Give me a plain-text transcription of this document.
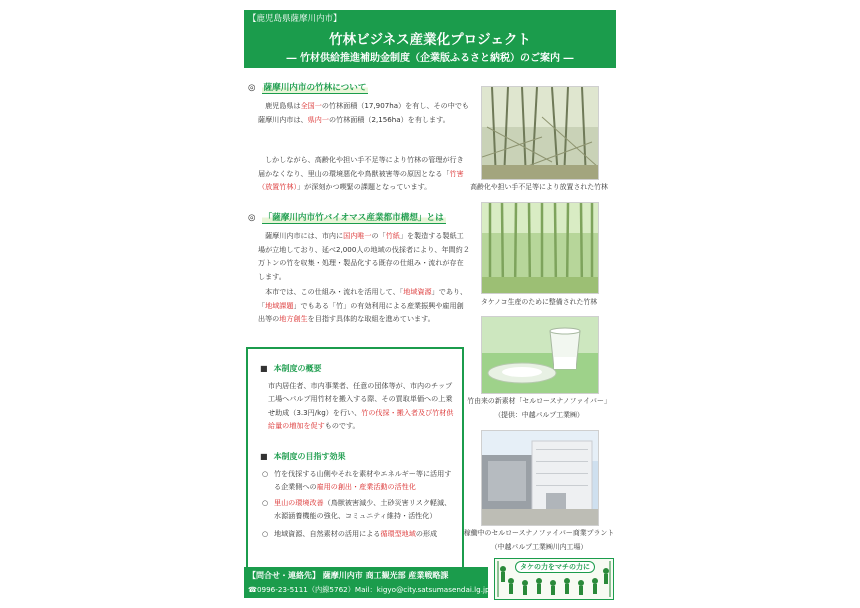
【鹿児島県薩摩川内市】
竹林ビジネス産業化プロジェクト
― 竹材供給推進補助金制度（企業版ふるさと納税）のご案内 ―
◎ 薩摩川内市の竹林について
 鹿児島県は全国一の竹林面積（17,907ha）を有し、その中でも薩摩川内市は、県内一の竹林面積（2,156ha）を有します。
 しかしながら、高齢化や担い手不足等により竹林の管理が行き届かなくなり、里山の環境悪化や鳥獣被害等の原因となる「竹害（放置竹林）」が深刻かつ喫緊の課題となっています。
◎ 「薩摩川内市竹バイオマス産業都市構想」とは
 薩摩川内市には、市内に国内唯一の「竹紙」を製造する製紙工場が立地しており、延べ2,000人の地域の伐採者により、年間約２万トンの竹を収集・処理・製品化する既存の仕組み・流れが存在します。
 本市では、この仕組み・流れを活用して、「地域資源」であり、「地域課題」でもある「竹」の有効利用による産業振興や雇用創出等の地方創生を目指す具体的な取組を進めています。
■ 本制度の概要
市内居住者、市内事業者、任意の団体等が、市内のチップ工場へパルプ用竹材を搬入する際、その買取単価への上乗せ助成（3.3円/kg）を行い、竹の伐採・搬入者及び竹材供給量の増加を促すものです。
■ 本制度の目指す効果
○ 竹を伐採する山側やそれを素材やエネルギー等に活用する企業側への雇用の創出・産業活動の活性化
○ 里山の環境改善（鳥獣被害減少、土砂災害リスク軽減、水源涵養機能の強化、コミュニティ維持・活性化）
○ 地域資源、自然素材の活用による循環型地域の形成
【問合せ・連絡先】 薩摩川内市 商工観光部 産業戦略課
☎0996-23-5111（内線5762）Mail：kigyo@city.satsumasendai.lg.jp
タケの力をマチの力に
高齢化や担い手不足等により放置された竹林
タケノコ生産のために整備された竹林
竹由来の新素材「セルロースナノファイバー」
（提供：中越パルプ工業㈱）
稼働中のセルロースナノファイバー商業プラント
（中越パルプ工業㈱川内工場）
